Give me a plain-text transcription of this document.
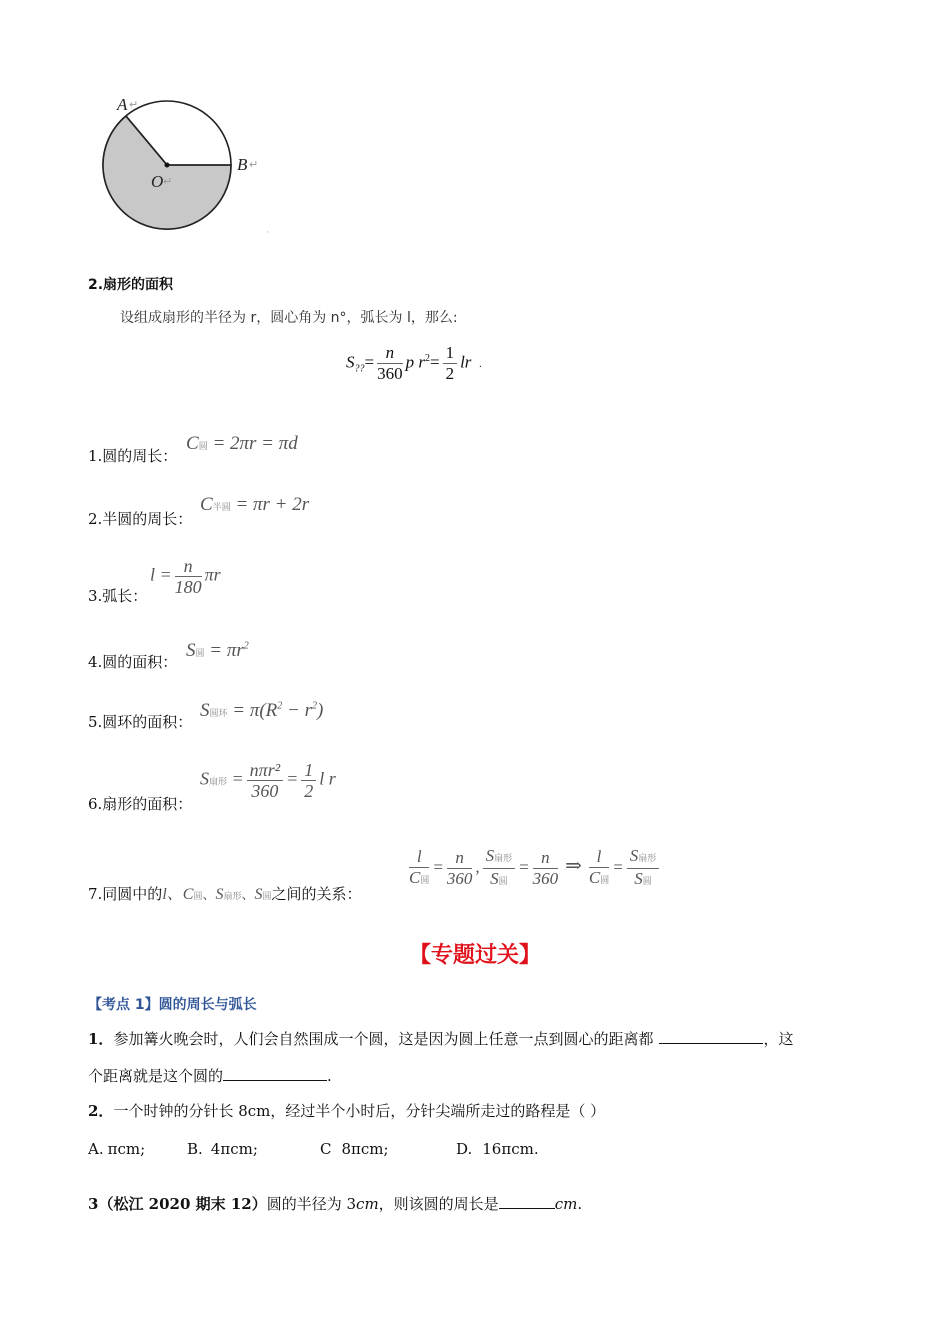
A ↵
B ↵
O ↵
'
2.扇形的面积
设组成扇形的半径为 r，圆心角为 n°，弧长为 l，那么:
$S_{??}= \frac{n}{360}$ p $r^2= \frac{1}{2}$ lr .
1.圆的周长：
C圆 = 2πr = πd
2.半圆的周长：
C半圆 = πr + 2r
3.弧长：
$l = \frac{n}{180}$ πr
4.圆的面积：
S圆 = $\pi r^2$
5.圆环的面积：
S圆环 = $\pi(R^2 - r^2)$
6.扇形的面积：
S扇形 = $\frac{\text{nπr²}}{360} = \frac{1}{2}$ l r
7.同圆中的l、C圆、S扇形、S圆之间的关系：
$\frac{l}{\text{C圆}} = \frac{n}{360}$ , $\frac{\text{S扇形}}{\text{S圆}} = \frac{n}{360}$ ⇒ $\frac{l}{\text{C圆}} = \frac{\text{S扇形}}{\text{S圆}}$
【专题过关】
【考点 1】圆的周长与弧长
1．参加篝火晚会时，人们会自然围成一个圆，这是因为圆上任意一点到圆心的距离都	，这
个距离就是这个圆的	.
2．一个时钟的分针长 8cm，经过半个小时后，分针尖端所走过的路程是（ ）
A. πcm;	B. 4πcm;	C 8πcm;	D. 16πcm.
3（松江 2020 期末 12）圆的半径为 3cm，则该圆的周长是	cm.
